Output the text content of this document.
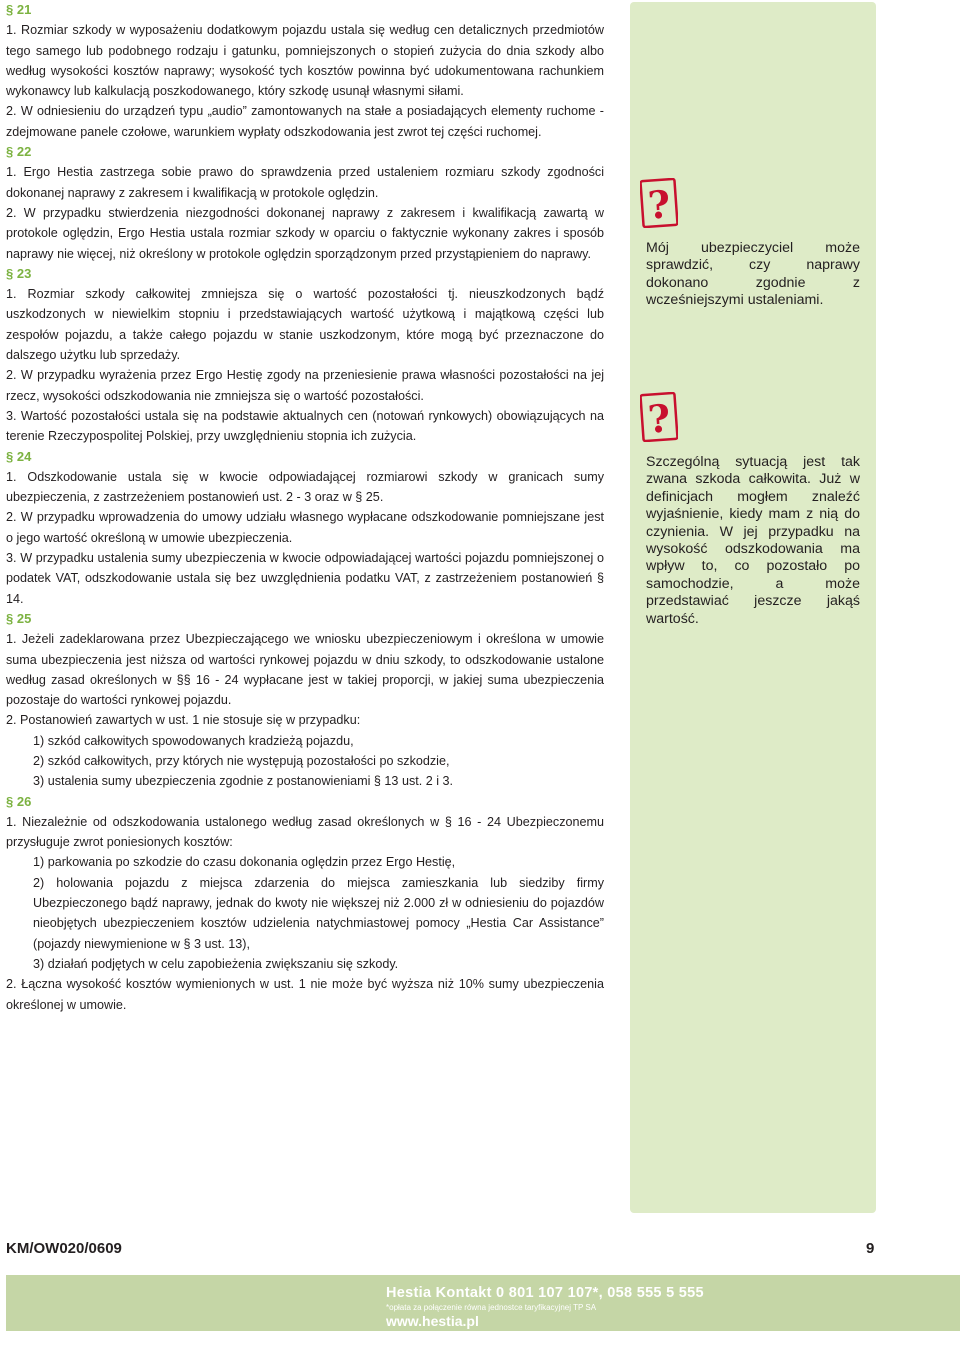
§ 21
1. Rozmiar szkody w wyposażeniu dodatkowym pojazdu ustala się według cen detalicznych przedmiotów tego samego lub podobnego rodzaju i gatunku, pomniejszonych o stopień zużycia do dnia szkody albo według wysokości kosztów naprawy; wysokość tych kosztów powinna być udokumentowana rachunkiem wykonawcy lub kalkulacją poszkodowanego, który szkodę usunął własnymi siłami.
2. W odniesieniu do urządzeń typu „audio” zamontowanych na stałe a posiadających elementy ruchome - zdejmowane panele czołowe, warunkiem wypłaty odszkodowania jest zwrot tej części ruchomej.
§ 22
1. Ergo Hestia zastrzega sobie prawo do sprawdzenia przed ustaleniem rozmiaru szkody zgodności dokonanej naprawy z zakresem i kwalifikacją w protokole oględzin.
2. W przypadku stwierdzenia niezgodności dokonanej naprawy z zakresem i kwalifikacją zawartą w protokole oględzin, Ergo Hestia ustala rozmiar szkody w oparciu o faktycznie wykonany zakres i sposób naprawy nie więcej, niż określony w protokole oględzin sporządzonym przed przystąpieniem do naprawy.
§ 23
1. Rozmiar szkody całkowitej zmniejsza się o wartość pozostałości tj. nieuszkodzonych bądź uszkodzonych w niewielkim stopniu i przedstawiających wartość użytkową i majątkową części lub zespołów pojazdu, a także całego pojazdu w stanie uszkodzonym, które mogą być przeznaczone do dalszego użytku lub sprzedaży.
2. W przypadku wyrażenia przez Ergo Hestię zgody na przeniesienie prawa własności pozostałości na jej rzecz, wysokości odszkodowania nie zmniejsza się o wartość pozostałości.
3. Wartość pozostałości ustala się na podstawie aktualnych cen (notowań rynkowych) obowiązujących na terenie Rzeczypospolitej Polskiej, przy uwzględnieniu stopnia ich zużycia.
§ 24
1. Odszkodowanie ustala się w kwocie odpowiadającej rozmiarowi szkody w granicach sumy ubezpieczenia, z zastrzeżeniem postanowień ust. 2 - 3 oraz w § 25.
2. W przypadku wprowadzenia do umowy udziału własnego wypłacane odszkodowanie pomniejszane jest o jego wartość określoną w umowie ubezpieczenia.
3. W przypadku ustalenia sumy ubezpieczenia w kwocie odpowiadającej wartości pojazdu pomniejszonej o podatek VAT, odszkodowanie ustala się bez uwzględnienia podatku VAT, z zastrzeżeniem postanowień § 14.
§ 25
1. Jeżeli zadeklarowana przez Ubezpieczającego we wniosku ubezpieczeniowym i określona w umowie suma ubezpieczenia jest niższa od wartości rynkowej pojazdu w dniu szkody, to odszkodowanie ustalone według zasad określonych w §§ 16 - 24 wypłacane jest w takiej proporcji, w jakiej suma ubezpieczenia pozostaje do wartości rynkowej pojazdu.
2. Postanowień zawartych w ust. 1 nie stosuje się w przypadku:
1) szkód całkowitych spowodowanych kradzieżą pojazdu,
2) szkód całkowitych, przy których nie występują pozostałości po szkodzie,
3) ustalenia sumy ubezpieczenia zgodnie z postanowieniami § 13 ust. 2 i 3.
§ 26
1. Niezależnie od odszkodowania ustalonego według zasad określonych w § 16 - 24 Ubezpieczonemu przysługuje zwrot poniesionych kosztów:
1) parkowania po szkodzie do czasu dokonania oględzin przez Ergo Hestię,
2) holowania pojazdu z miejsca zdarzenia do miejsca zamieszkania lub siedziby firmy Ubezpieczonego bądź naprawy, jednak do kwoty nie większej niż 2.000 zł w odniesieniu do pojazdów nieobjętych ubezpieczeniem kosztów udzielenia natychmiastowej pomocy „Hestia Car Assistance” (pojazdy niewymienione w § 3 ust. 13),
3) działań podjętych w celu zapobieżenia zwiększaniu się szkody.
2. Łączna wysokość kosztów wymienionych w ust. 1 nie może być wyższa niż 10% sumy ubezpieczenia określonej w umowie.
?
Mój ubezpieczyciel może sprawdzić, czy naprawy dokonano zgodnie z wcześniejszymi ustaleniami.
?
Szczególną sytuacją jest tak zwana szkoda całkowita. Już w definicjach mogłem znaleźć wyjaśnienie, kiedy mam z nią do czynienia. W jej przypadku na wysokość odszkodowania ma wpływ to, co pozostało po samochodzie, a może przedstawiać jeszcze jakąś wartość.
KM/OW020/0609	9
Hestia Kontakt 0 801 107 107*, 058 555 5 555
*opłata za połączenie równa jednostce taryfikacyjnej TP SA
www.hestia.pl
